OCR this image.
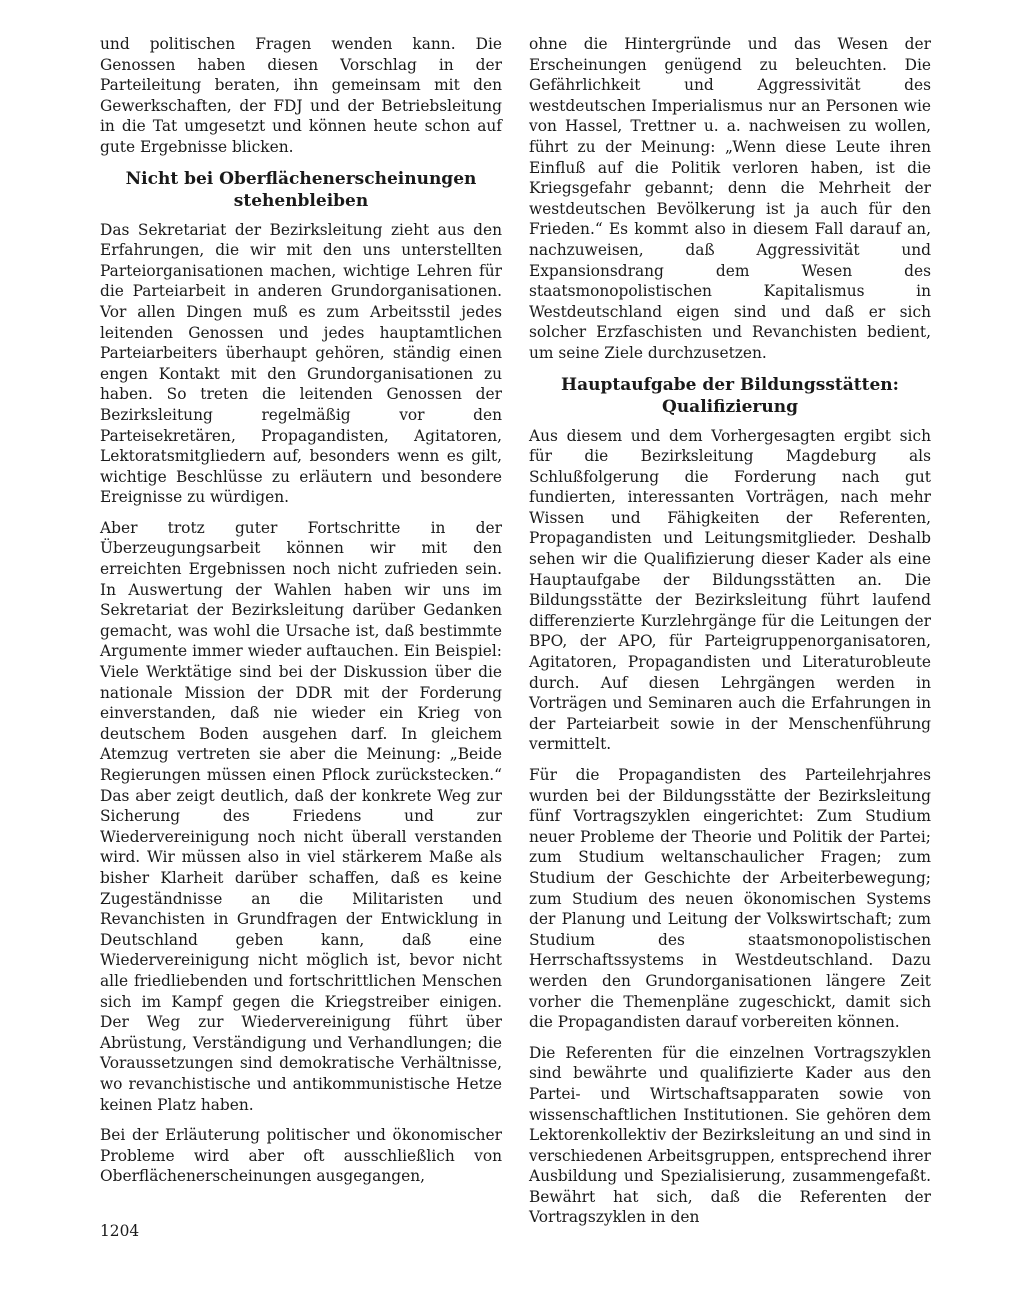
und politischen Fragen wenden kann. Die Genossen haben diesen Vorschlag in der Parteileitung beraten, ihn gemeinsam mit den Gewerkschaften, der FDJ und der Betriebsleitung in die Tat umgesetzt und können heute schon auf gute Ergebnisse blicken.

Nicht bei Oberflächenerscheinungen stehenbleiben

Das Sekretariat der Bezirksleitung zieht aus den Erfahrungen, die wir mit den uns unterstellten Parteiorganisationen machen, wichtige Lehren für die Parteiarbeit in anderen Grundorganisationen. Vor allen Dingen muß es zum Arbeitsstil jedes leitenden Genossen und jedes hauptamtlichen Parteiarbeiters überhaupt gehören, ständig einen engen Kontakt mit den Grundorganisationen zu haben. So treten die leitenden Genossen der Bezirksleitung regelmäßig vor den Parteisekretären, Propagandisten, Agitatoren, Lektoratsmitgliedern auf, besonders wenn es gilt, wichtige Beschlüsse zu erläutern und besondere Ereignisse zu würdigen.

Aber trotz guter Fortschritte in der Überzeugungsarbeit können wir mit den erreichten Ergebnissen noch nicht zufrieden sein. In Auswertung der Wahlen haben wir uns im Sekretariat der Bezirksleitung darüber Gedanken gemacht, was wohl die Ursache ist, daß bestimmte Argumente immer wieder auftauchen. Ein Beispiel: Viele Werktätige sind bei der Diskussion über die nationale Mission der DDR mit der Forderung einverstanden, daß nie wieder ein Krieg von deutschem Boden ausgehen darf. In gleichem Atemzug vertreten sie aber die Meinung: „Beide Regierungen müssen einen Pflock zurückstecken.“ Das aber zeigt deutlich, daß der konkrete Weg zur Sicherung des Friedens und zur Wiedervereinigung noch nicht überall verstanden wird. Wir müssen also in viel stärkerem Maße als bisher Klarheit darüber schaffen, daß es keine Zugeständnisse an die Militaristen und Revanchisten in Grundfragen der Entwicklung in Deutschland geben kann, daß eine Wiedervereinigung nicht möglich ist, bevor nicht alle friedliebenden und fortschrittlichen Menschen sich im Kampf gegen die Kriegstreiber einigen. Der Weg zur Wiedervereinigung führt über Abrüstung, Verständigung und Verhandlungen; die Voraussetzungen sind demokratische Verhältnisse, wo revanchistische und antikommunistische Hetze keinen Platz haben.

Bei der Erläuterung politischer und ökonomischer Probleme wird aber oft ausschließlich von Oberflächenerscheinungen ausgegangen,

ohne die Hintergründe und das Wesen der Erscheinungen genügend zu beleuchten. Die Gefährlichkeit und Aggressivität des westdeutschen Imperialismus nur an Personen wie von Hassel, Trettner u. a. nachweisen zu wollen, führt zu der Meinung: „Wenn diese Leute ihren Einfluß auf die Politik verloren haben, ist die Kriegsgefahr gebannt; denn die Mehrheit der westdeutschen Bevölkerung ist ja auch für den Frieden.“ Es kommt also in diesem Fall darauf an, nachzuweisen, daß Aggressivität und Expansionsdrang dem Wesen des staatsmonopolistischen Kapitalismus in Westdeutschland eigen sind und daß er sich solcher Erzfaschisten und Revanchisten bedient, um seine Ziele durchzusetzen.

Hauptaufgabe der Bildungsstätten: Qualifizierung

Aus diesem und dem Vorhergesagten ergibt sich für die Bezirksleitung Magdeburg als Schlußfolgerung die Forderung nach gut fundierten, interessanten Vorträgen, nach mehr Wissen und Fähigkeiten der Referenten, Propagandisten und Leitungsmitglieder. Deshalb sehen wir die Qualifizierung dieser Kader als eine Hauptaufgabe der Bildungsstätten an. Die Bildungsstätte der Bezirksleitung führt laufend differenzierte Kurzlehrgänge für die Leitungen der BPO, der APO, für Parteigruppenorganisatoren, Agitatoren, Propagandisten und Literaturobleute durch. Auf diesen Lehrgängen werden in Vorträgen und Seminaren auch die Erfahrungen in der Parteiarbeit sowie in der Menschenführung vermittelt.

Für die Propagandisten des Parteilehrjahres wurden bei der Bildungsstätte der Bezirksleitung fünf Vortragszyklen eingerichtet: Zum Studium neuer Probleme der Theorie und Politik der Partei; zum Studium weltanschaulicher Fragen; zum Studium der Geschichte der Arbeiterbewegung; zum Studium des neuen ökonomischen Systems der Planung und Leitung der Volkswirtschaft; zum Studium des staatsmonopolistischen Herrschaftssystems in Westdeutschland. Dazu werden den Grundorganisationen längere Zeit vorher die Themenpläne zugeschickt, damit sich die Propagandisten darauf vorbereiten können.

Die Referenten für die einzelnen Vortragszyklen sind bewährte und qualifizierte Kader aus den Partei- und Wirtschaftsapparaten sowie von wissenschaftlichen Institutionen. Sie gehören dem Lektorenkollektiv der Bezirksleitung an und sind in verschiedenen Arbeitsgruppen, entsprechend ihrer Ausbildung und Spezialisierung, zusammengefaßt. Bewährt hat sich, daß die Referenten der Vortragszyklen in den

1204
